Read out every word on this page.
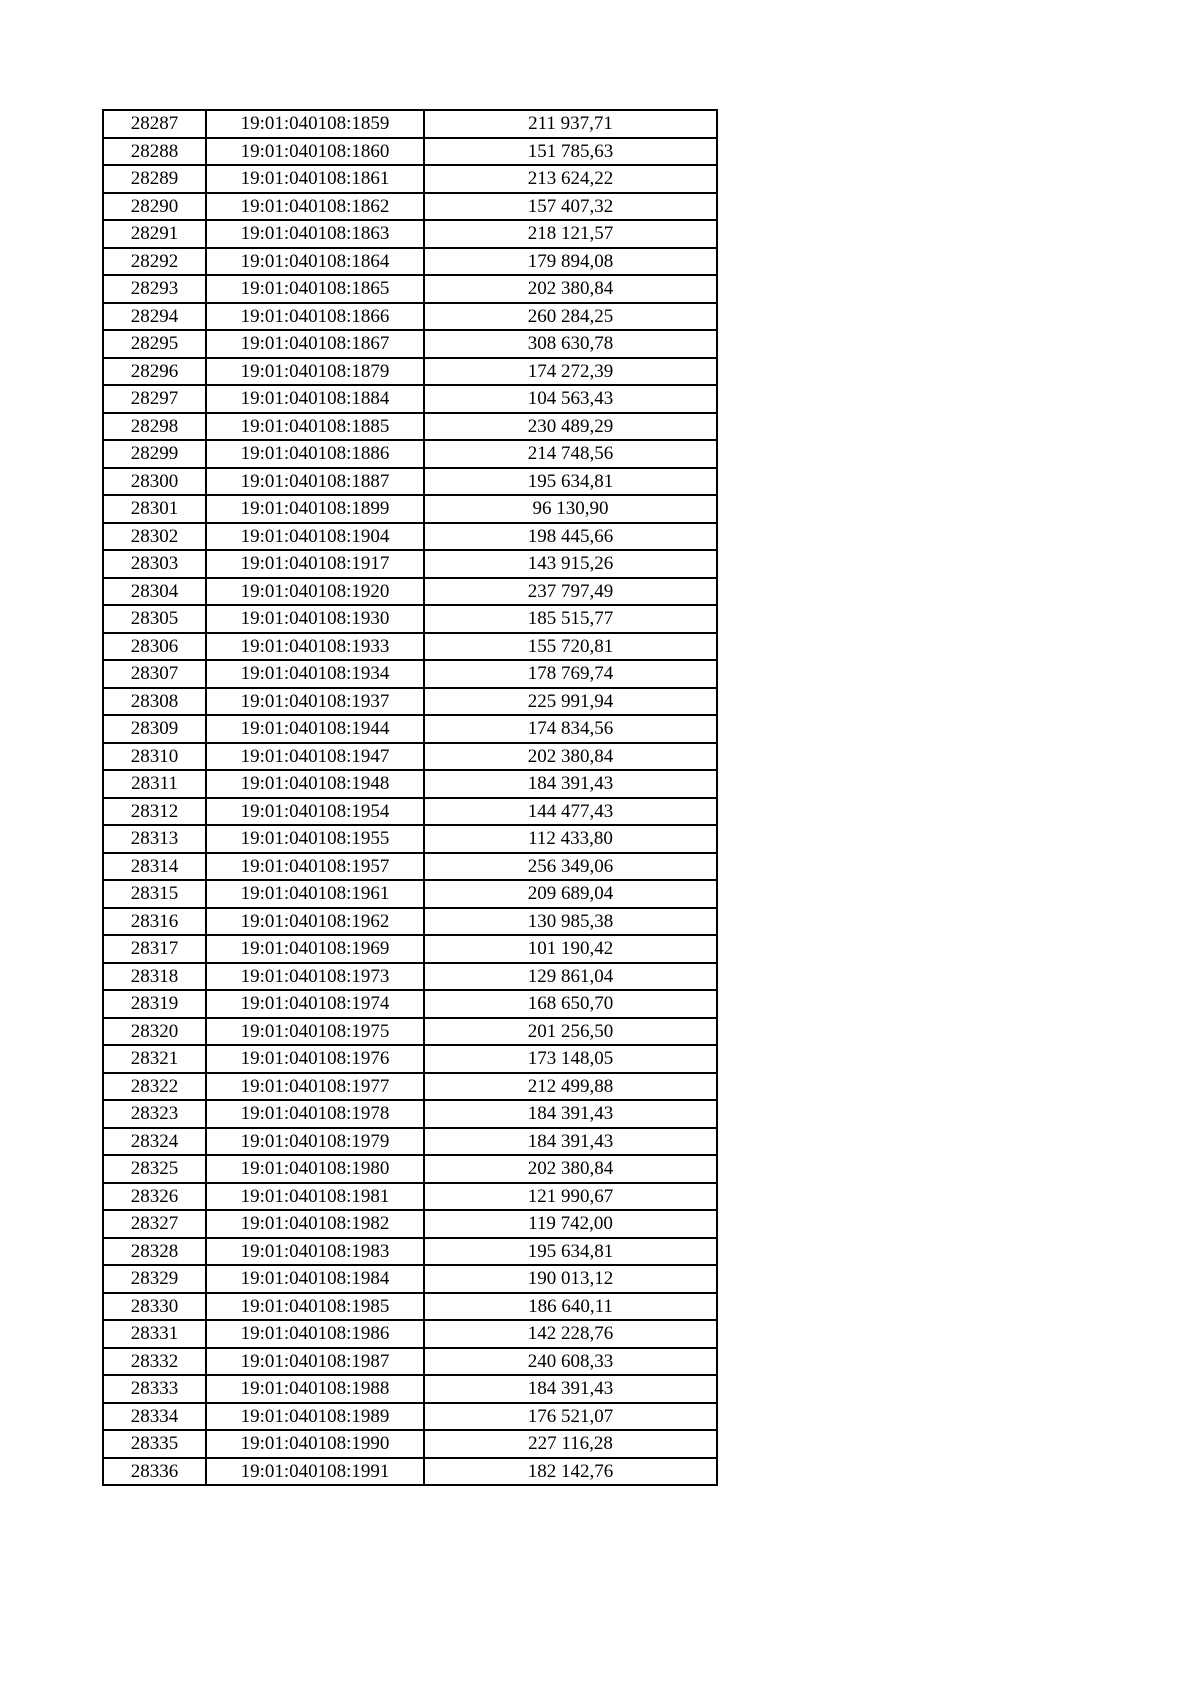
28287	19:01:040108:1859	211 937,71
28288	19:01:040108:1860	151 785,63
28289	19:01:040108:1861	213 624,22
28290	19:01:040108:1862	157 407,32
28291	19:01:040108:1863	218 121,57
28292	19:01:040108:1864	179 894,08
28293	19:01:040108:1865	202 380,84
28294	19:01:040108:1866	260 284,25
28295	19:01:040108:1867	308 630,78
28296	19:01:040108:1879	174 272,39
28297	19:01:040108:1884	104 563,43
28298	19:01:040108:1885	230 489,29
28299	19:01:040108:1886	214 748,56
28300	19:01:040108:1887	195 634,81
28301	19:01:040108:1899	96 130,90
28302	19:01:040108:1904	198 445,66
28303	19:01:040108:1917	143 915,26
28304	19:01:040108:1920	237 797,49
28305	19:01:040108:1930	185 515,77
28306	19:01:040108:1933	155 720,81
28307	19:01:040108:1934	178 769,74
28308	19:01:040108:1937	225 991,94
28309	19:01:040108:1944	174 834,56
28310	19:01:040108:1947	202 380,84
28311	19:01:040108:1948	184 391,43
28312	19:01:040108:1954	144 477,43
28313	19:01:040108:1955	112 433,80
28314	19:01:040108:1957	256 349,06
28315	19:01:040108:1961	209 689,04
28316	19:01:040108:1962	130 985,38
28317	19:01:040108:1969	101 190,42
28318	19:01:040108:1973	129 861,04
28319	19:01:040108:1974	168 650,70
28320	19:01:040108:1975	201 256,50
28321	19:01:040108:1976	173 148,05
28322	19:01:040108:1977	212 499,88
28323	19:01:040108:1978	184 391,43
28324	19:01:040108:1979	184 391,43
28325	19:01:040108:1980	202 380,84
28326	19:01:040108:1981	121 990,67
28327	19:01:040108:1982	119 742,00
28328	19:01:040108:1983	195 634,81
28329	19:01:040108:1984	190 013,12
28330	19:01:040108:1985	186 640,11
28331	19:01:040108:1986	142 228,76
28332	19:01:040108:1987	240 608,33
28333	19:01:040108:1988	184 391,43
28334	19:01:040108:1989	176 521,07
28335	19:01:040108:1990	227 116,28
28336	19:01:040108:1991	182 142,76
